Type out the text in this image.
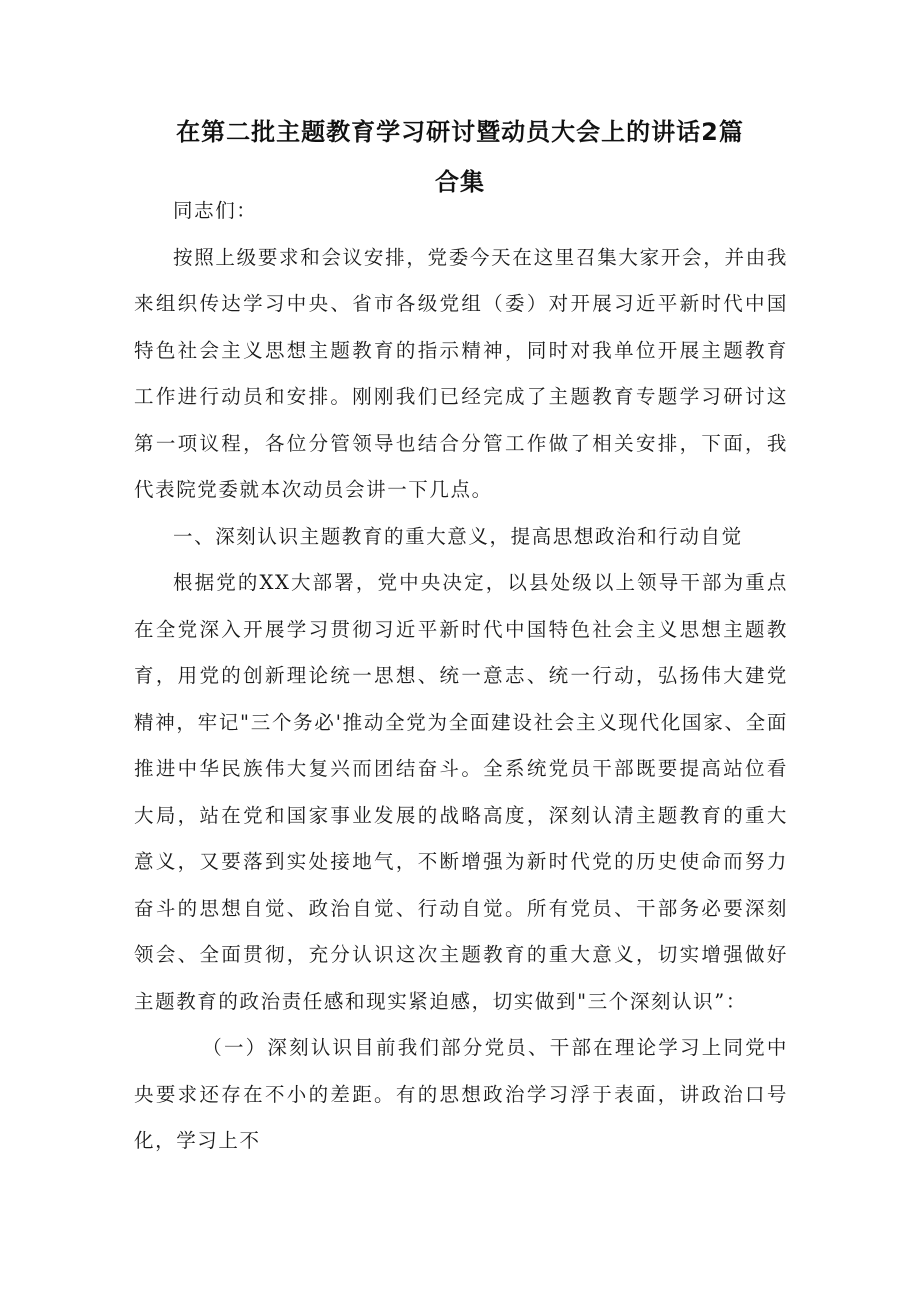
在第二批主题教育学习研讨暨动员大会上的讲话2篇
合集

同志们：

按照上级要求和会议安排，党委今天在这里召集大家开会，并由我来组织传达学习中央、省市各级党组（委）对开展习近平新时代中国特色社会主义思想主题教育的指示精神，同时对我单位开展主题教育工作进行动员和安排。刚刚我们已经完成了主题教育专题学习研讨这第一项议程，各位分管领导也结合分管工作做了相关安排，下面，我代表院党委就本次动员会讲一下几点。

一、深刻认识主题教育的重大意义，提高思想政治和行动自觉

根据党的XX大部署，党中央决定，以县处级以上领导干部为重点在全党深入开展学习贯彻习近平新时代中国特色社会主义思想主题教育，用党的创新理论统一思想、统一意志、统一行动，弘扬伟大建党精神，牢记"三个务必'推动全党为全面建设社会主义现代化国家、全面推进中华民族伟大复兴而团结奋斗。全系统党员干部既要提高站位看大局，站在党和国家事业发展的战略高度，深刻认清主题教育的重大意义，又要落到实处接地气，不断增强为新时代党的历史使命而努力奋斗的思想自觉、政治自觉、行动自觉。所有党员、干部务必要深刻领会、全面贯彻，充分认识这次主题教育的重大意义，切实增强做好主题教育的政治责任感和现实紧迫感，切实做到"三个深刻认识”：

（一）深刻认识目前我们部分党员、干部在理论学习上同党中央要求还存在不小的差距。有的思想政治学习浮于表面，讲政治口号化，学习上不
